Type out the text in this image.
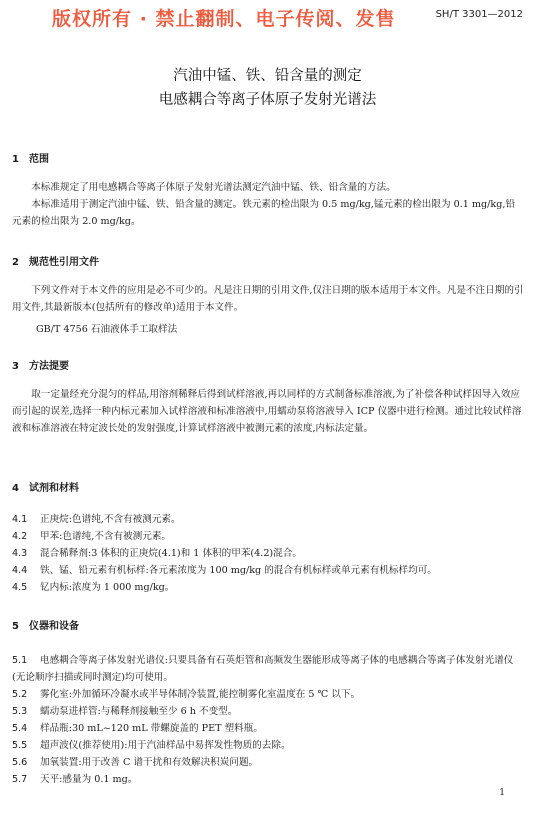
版权所有 · 禁止翻制、电子传阅、发售	SH/T 3301—2012
汽油中锰、铁、铅含量的测定
电感耦合等离子体原子发射光谱法
1 范围

本标准规定了用电感耦合等离子体原子发射光谱法测定汽油中锰、铁、铅含量的方法。

本标准适用于测定汽油中锰、铁、铅含量的测定。铁元素的检出限为 0.5 mg/kg,锰元素的检出限为 0.1 mg/kg,铅元素的检出限为 2.0 mg/kg。

2 规范性引用文件

下列文件对于本文件的应用是必不可少的。凡是注日期的引用文件,仅注日期的版本适用于本文件。凡是不注日期的引用文件,其最新版本(包括所有的修改单)适用于本文件。

GB/T 4756 石油液体手工取样法
3 方法提要

取一定量经充分混匀的样品,用溶剂稀释后得到试样溶液,再以同样的方式制备标准溶液,为了补偿各种试样因导入效应而引起的误差,选择一种内标元素加入试样溶液和标准溶液中,用蠕动泵将溶液导入 ICP 仪器中进行检测。通过比较试样溶液和标准溶液在特定波长处的发射强度,计算试样溶液中被测元素的浓度,内标法定量。

4 试剂和材料
4.1 正庚烷:色谱纯,不含有被测元素。
4.2 甲苯:色谱纯,不含有被测元素。
4.3 混合稀释剂:3 体积的正庚烷(4.1)和 1 体积的甲苯(4.2)混合。
4.4 铁、锰、铅元素有机标样:各元素浓度为 100 mg/kg 的混合有机标样或单元素有机标样均可。
4.5 钇内标:浓度为 1 000 mg/kg。
5 仪器和设备
5.1 电感耦合等离子体发射光谱仪:只要具备有石英炬管和高频发生器能形成等离子体的电感耦合等离子体发射光谱仪(无论顺序扫描或同时测定)均可使用。
5.2 雾化室:外加循环冷凝水或半导体制冷装置,能控制雾化室温度在 5 ℃ 以下。
5.3 蠕动泵进样管:与稀释剂接触至少 6 h 不变型。
5.4 样品瓶:30 mL~120 mL 带螺旋盖的 PET 塑料瓶。
5.5 超声波仪(推荐使用):用于汽油样品中易挥发性物质的去除。
5.6 加氧装置:用于改善 C 谱干扰和有效解决积炭问题。
5.7 天平:感量为 0.1 mg。
1
